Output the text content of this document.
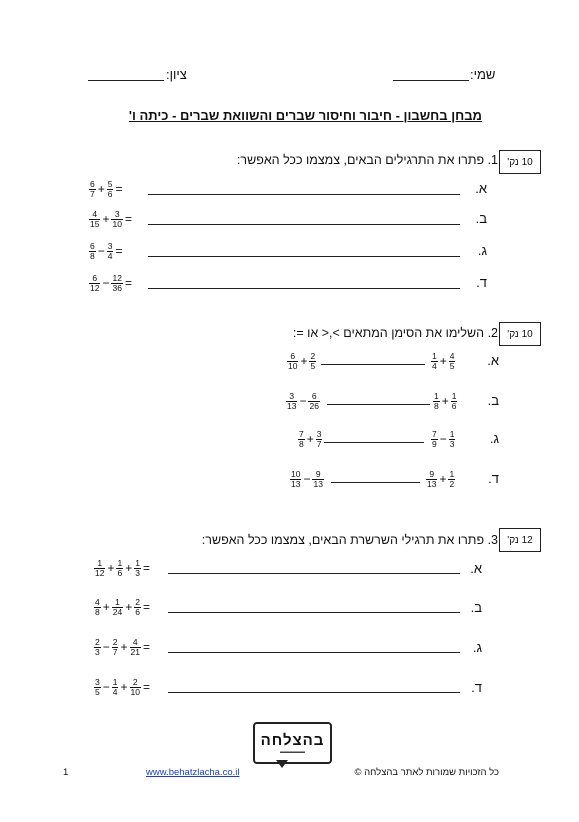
שמי:
ציון:
מבחן בחשבון - חיבור וחיסור שברים והשוואת שברים - כיתה ו'
10 נק'
1. פתרו את התרגילים הבאים, צמצמו ככל האפשר:
$\frac{6}{7} + \frac{5}{6}$ =	א.
$\frac{4}{15} + \frac{3}{10}$ =	ב.
$\frac{6}{8} - \frac{3}{4}$ =	ג.
$\frac{6}{12} - \frac{12}{36}$ =	ד.
10 נק'
2. השלימו את הסימן המתאים >,< או =:
$\frac{6}{10} + \frac{2}{5}$	$\frac{1}{4} + \frac{4}{5}$ א.
$\frac{3}{13} - \frac{6}{26}$	$\frac{1}{8} + \frac{1}{6}$ ב.
$\frac{7}{8} + \frac{3}{7}$	$\frac{7}{9} - \frac{1}{3}$	ג.
$\frac{10}{13} - \frac{9}{13}$	$\frac{9}{13} + \frac{1}{2}$	ד.
12 נק'
3. פתרו את תרגילי השרשרת הבאים, צמצמו ככל האפשר:
$\frac{1}{12} + \frac{1}{6} + \frac{1}{3}$ =	א.
$\frac{4}{8} + \frac{1}{24} + \frac{2}{6}$ =	ב.
$\frac{2}{3} - \frac{2}{7} + \frac{4}{21}$ =	ג.
$\frac{3}{5} - \frac{1}{4} + \frac{2}{10}$ =	ד.
בהצלחה
▬▬▬▬▬
1	www.behatzlacha.co.il	כל הזכויות שמורות לאתר בהצלחה ©
